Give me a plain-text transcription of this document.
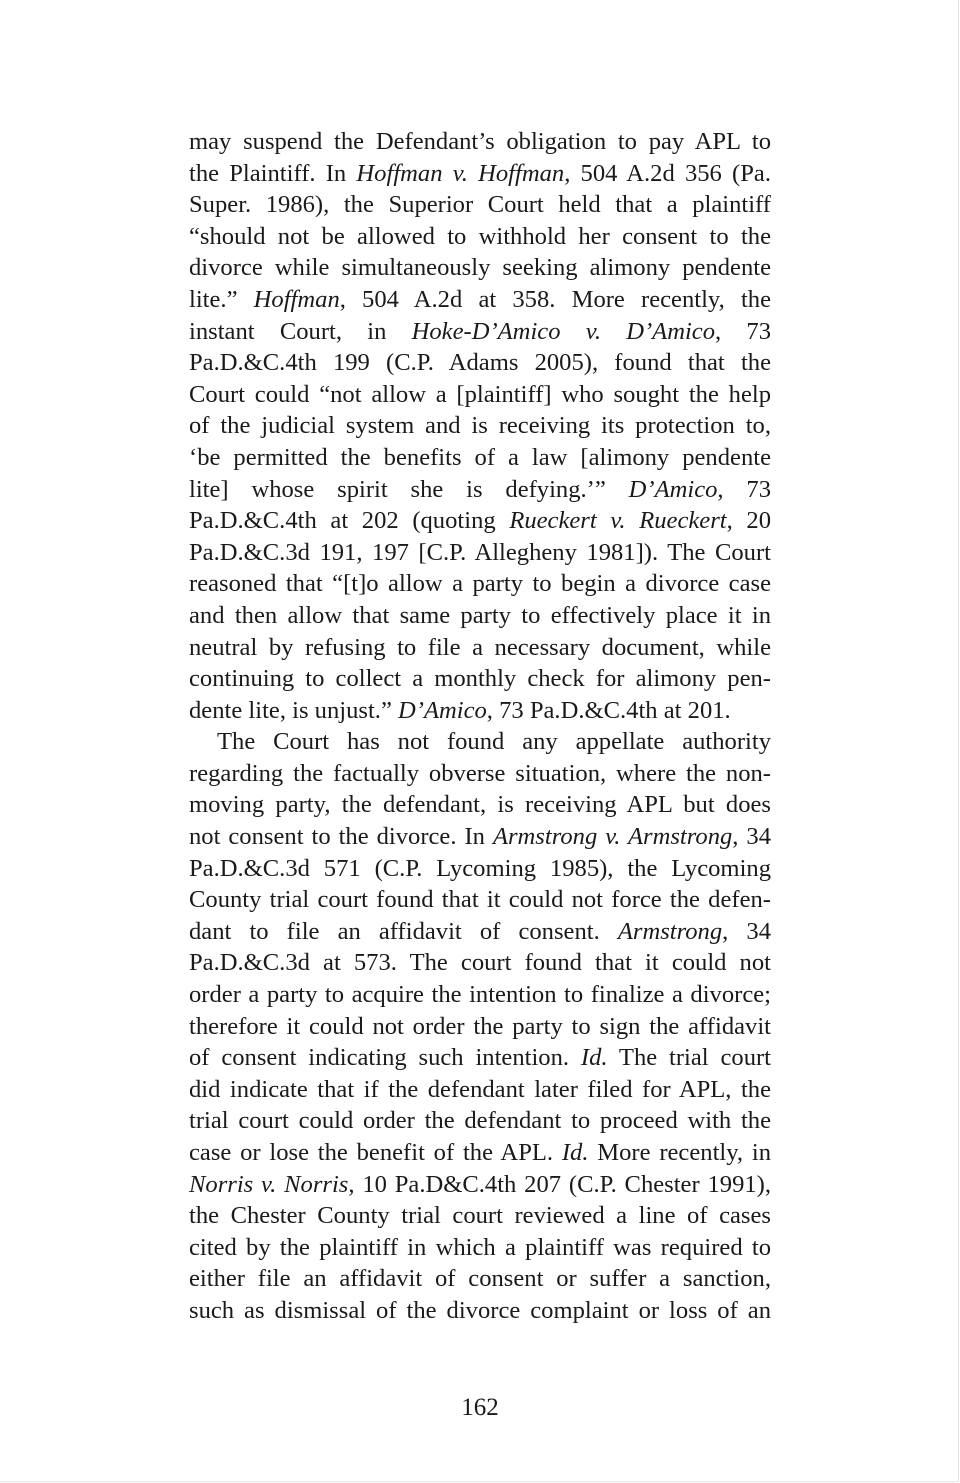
may suspend the Defendant’s obligation to pay APL to
the Plaintiff. In Hoffman v. Hoffman, 504 A.2d 356 (Pa.
Super. 1986), the Superior Court held that a plaintiff
“should not be allowed to withhold her consent to the
divorce while simultaneously seeking alimony pendente
lite.” Hoffman, 504 A.2d at 358. More recently, the
instant Court, in Hoke-D’Amico v. D’Amico, 73
Pa.D.&C.4th 199 (C.P. Adams 2005), found that the
Court could “not allow a [plaintiff] who sought the help
of the judicial system and is receiving its protection to,
‘be permitted the benefits of a law [alimony pendente
lite] whose spirit she is defying.’” D’Amico, 73
Pa.D.&C.4th at 202 (quoting Rueckert v. Rueckert, 20
Pa.D.&C.3d 191, 197 [C.P. Allegheny 1981]). The Court
reasoned that “[t]o allow a party to begin a divorce case
and then allow that same party to effectively place it in
neutral by refusing to file a necessary document, while
continuing to collect a monthly check for alimony pen-
dente lite, is unjust.” D’Amico, 73 Pa.D.&C.4th at 201.
The Court has not found any appellate authority
regarding the factually obverse situation, where the non-
moving party, the defendant, is receiving APL but does
not consent to the divorce. In Armstrong v. Armstrong, 34
Pa.D.&C.3d 571 (C.P. Lycoming 1985), the Lycoming
County trial court found that it could not force the defen-
dant to file an affidavit of consent. Armstrong, 34
Pa.D.&C.3d at 573. The court found that it could not
order a party to acquire the intention to finalize a divorce;
therefore it could not order the party to sign the affidavit
of consent indicating such intention. Id. The trial court
did indicate that if the defendant later filed for APL, the
trial court could order the defendant to proceed with the
case or lose the benefit of the APL. Id. More recently, in
Norris v. Norris, 10 Pa.D&C.4th 207 (C.P. Chester 1991),
the Chester County trial court reviewed a line of cases
cited by the plaintiff in which a plaintiff was required to
either file an affidavit of consent or suffer a sanction,
such as dismissal of the divorce complaint or loss of an
162
